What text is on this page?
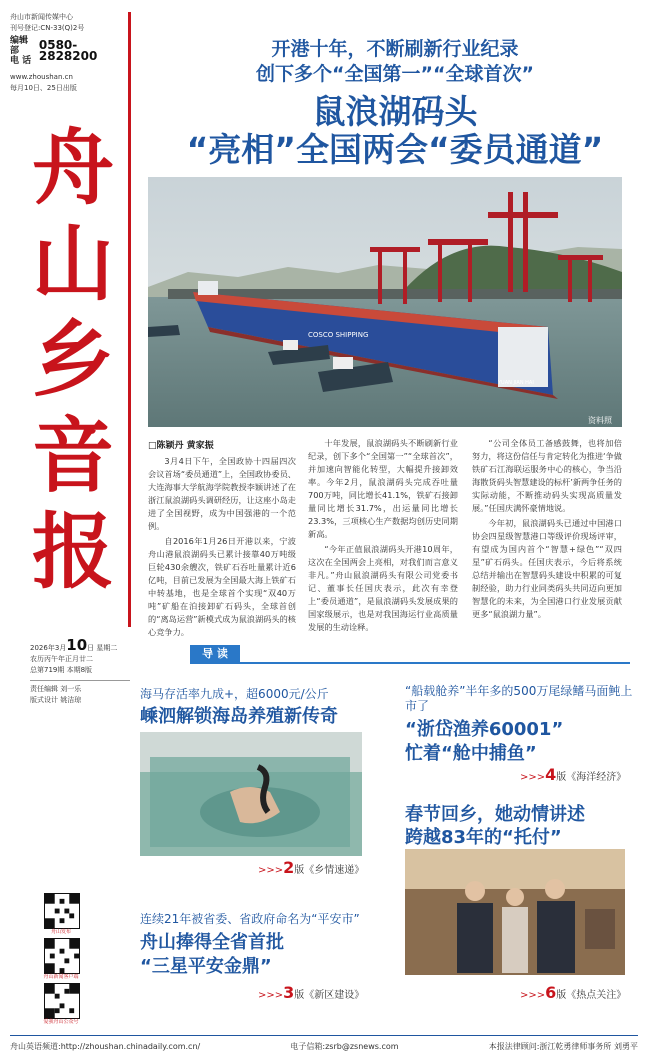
舟山市新闻传媒中心
刊号登记:CN-33(Q)2号
编辑部
电 话
0580-2828200
www.zhoushan.cn
每月10日、25日出版
舟
山
乡
音
报
开港十年，不断刷新行业纪录
创下多个“全国第一”“全球首次”
鼠浪湖码头
“亮相”全国两会“委员通道”
COSCO SHIPPING
YUAN JIAN HAI
资料照
□陈颖丹 黄家振

3月4日下午，全国政协十四届四次会议首场“委员通道”上，全国政协委员、大连海事大学航海学院教授李颖讲述了在浙江鼠浪湖码头调研经历，让这座小岛走进了全国视野，成为中国强港的一个范例。

自2016年1月26日开港以来，宁波舟山港鼠浪湖码头已累计接靠40万吨级巨轮430余艘次，铁矿石吞吐量累计近6亿吨，目前已发展为全国最大海上铁矿石中转基地，也是全球首个实现“双40万吨”矿船在泊接卸矿石码头，全球首创的“离岛运营”新模式成为鼠浪湖码头的核心竞争力。

十年发展，鼠浪湖码头不断刷新行业纪录，创下多个“全国第一”“全球首次”，并加速向智能化转型，大幅提升接卸效率。今年2月，鼠浪湖码头完成吞吐量700万吨，同比增长41.1%，铁矿石接卸量同比增长31.7%，出运量同比增长23.3%，三项核心生产数据均创历史同期新高。

“今年正值鼠浪湖码头开港10周年，这次在全国两会上亮相，对我们而言意义非凡。”舟山鼠浪湖码头有限公司党委书记、董事长任国庆表示，此次有幸登上“委员通道”，是鼠浪湖码头发展成果的国家级展示，也是对我国海运行业高质量发展的生动诠释。

“公司全体员工备感鼓舞，也将加倍努力，将这份信任与肯定转化为推进‘争做铁矿石江海联运服务中心的核心，争当沿海散货码头智慧建设的标杆’新两争任务的实际动能，不断推动码头实现高质量发展。”任国庆满怀豪情地说。

今年初，鼠浪湖码头已通过中国港口协会四星级智慧港口等级评价现场评审，有望成为国内首个“智慧+绿色”“双四星”矿石码头。任国庆表示，今后将系统总结并输出在智慧码头建设中积累的可复制经验，助力行业同类码头共同迈向更加智慧化的未来，为全国港口行业发展贡献更多“鼠浪湖力量”。

2026年3月10日 星期二
农历丙午年正月廿二
总第719期 本期8版
责任编辑 刘一乐
版式设计 姚洁琼
导 读
海马存活率九成+，超6000元/公斤
嵊泗解锁海岛养殖新传奇
>>>2版《乡情速递》
“船载舱养”半年多的500万尾绿鳍马面鲀上市了
“浙岱渔养60001”
忙着“舱中捕鱼”
>>>4版《海洋经济》
春节回乡，她动情讲述
跨越83年的“托付”
>>>6版《热点关注》
连续21年被省委、省政府命名为“平安市”
舟山捧得全省首批
“三星平安金鼎”
>>>3版《新区建设》
舟山发布
舟山新闻客户端
爱我舟山公众号
舟山英语频道:http://zhoushan.chinadaily.com.cn/	电子信箱:zsrb@zsnews.com	本报法律顾问:浙江乾勇律师事务所 刘勇平
